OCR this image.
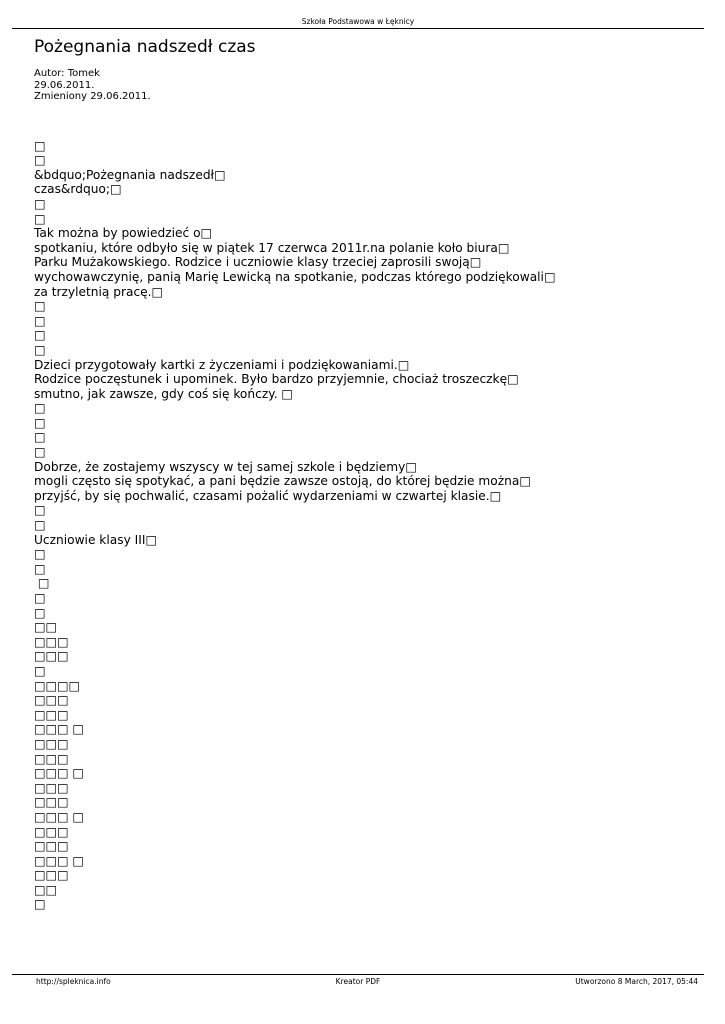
Szkoła Podstawowa w Łęknicy
Pożegnania nadszedł czas
Autor: Tomek
29.06.2011.
Zmieniony 29.06.2011.
□
□
&bdquo;Pożegnania nadszedł□
czas&rdquo;□
□
□
Tak można by powiedzieć o□
spotkaniu, które odbyło się w piątek 17 czerwca 2011r.na polanie koło biura□
Parku Mużakowskiego. Rodzice i uczniowie klasy trzeciej zaprosili swoją□
wychowawczynię, panią Marię Lewicką na spotkanie, podczas którego podziękowali□
za trzyletnią pracę.□
□
□
□
□
Dzieci przygotowały kartki z życzeniami i podziękowaniami.□
Rodzice poczęstunek i upominek. Było bardzo przyjemnie, chociaż troszeczkę□
smutno, jak zawsze, gdy coś się kończy. □
□
□
□
□
Dobrze, że zostajemy wszyscy w tej samej szkole i będziemy□
mogli często się spotykać, a pani będzie zawsze ostoją, do której będzie można□
przyjść, by się pochwalić, czasami pożalić wydarzeniami w czwartej klasie.□
□
□
Uczniowie klasy III□
□
□
□
□
□
□□
□□□
□□□
□
□□□□
□□□
□□□
□□□ □
□□□
□□□
□□□ □
□□□
□□□
□□□ □
□□□
□□□
□□□ □
□□□
□□
□
http://spleknica.info	Kreator PDF	Utworzono 8 March, 2017, 05:44
